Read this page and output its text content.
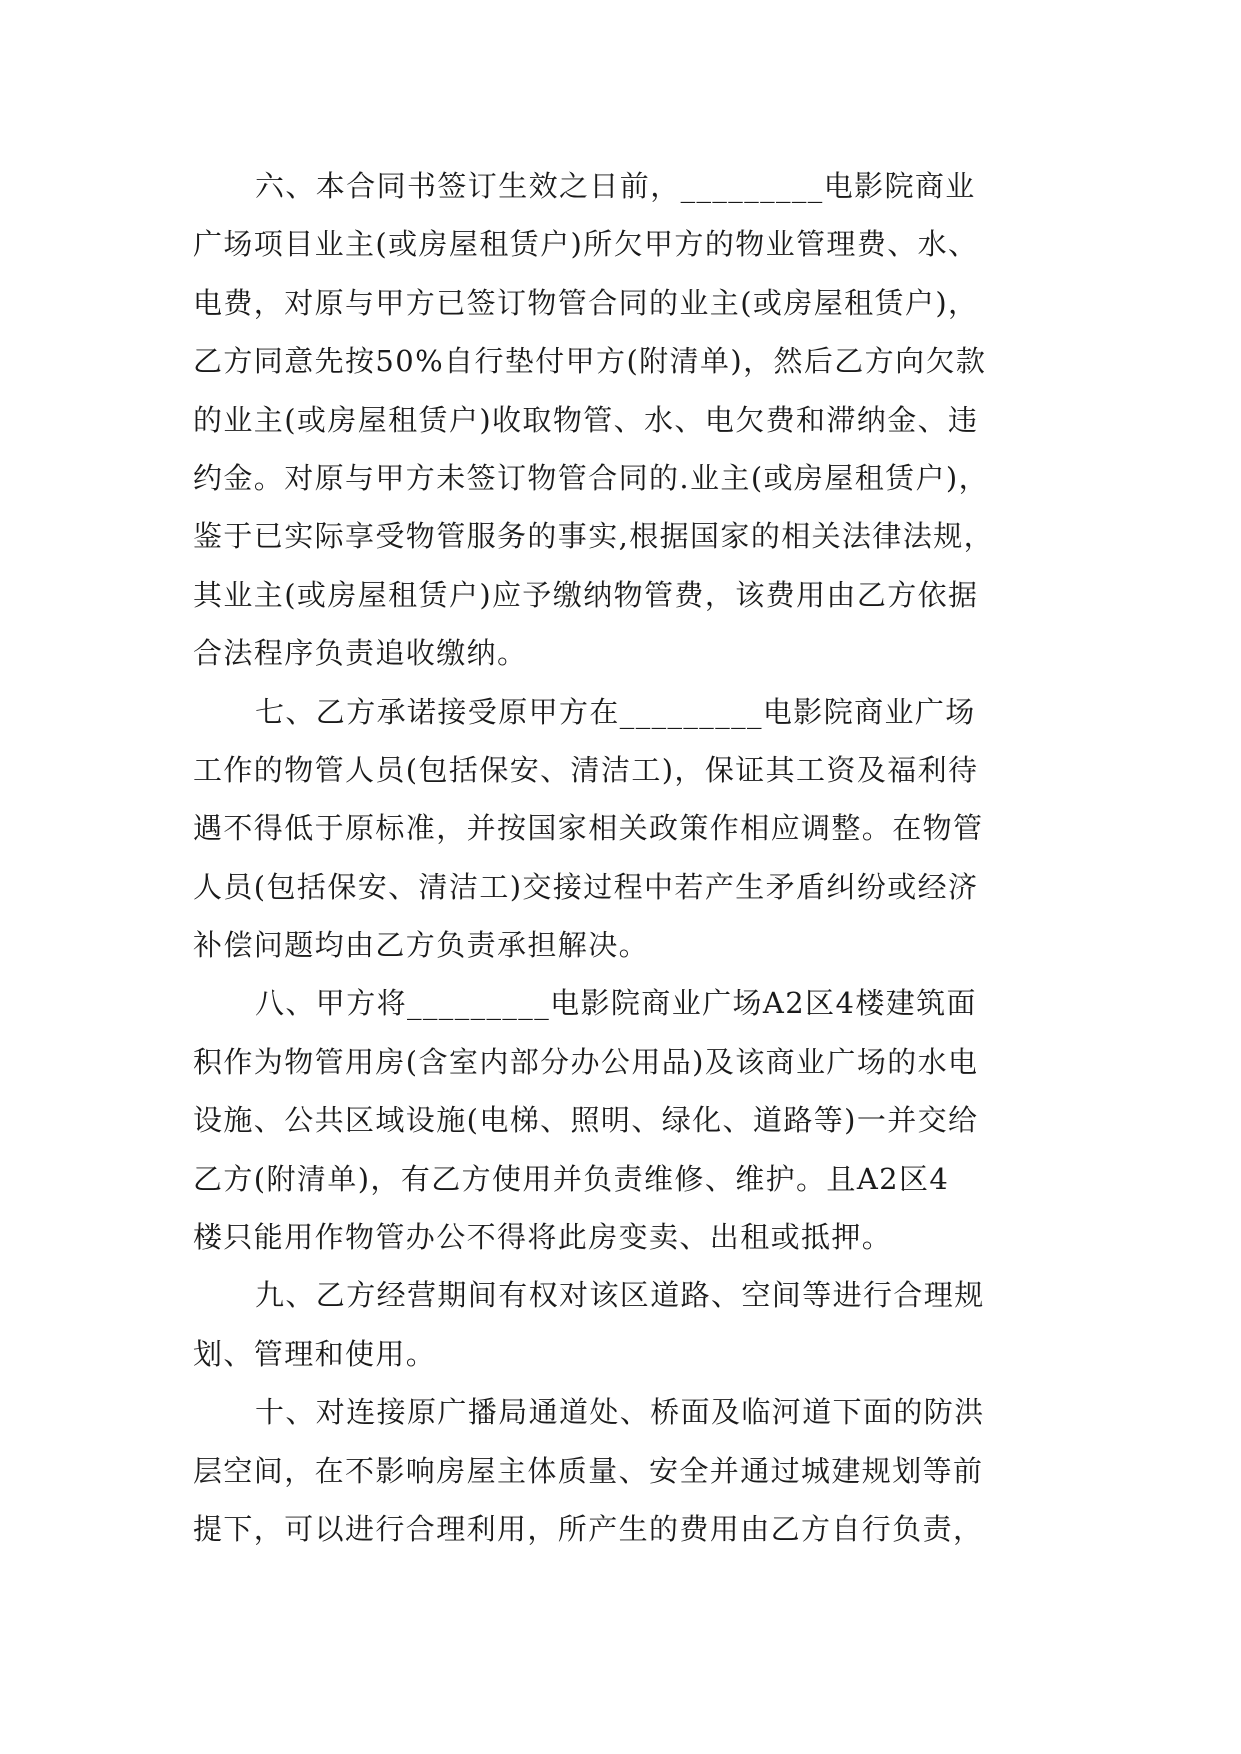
六、本合同书签订生效之日前，_________电影院商业
广场项目业主(或房屋租赁户)所欠甲方的物业管理费、水、
电费，对原与甲方已签订物管合同的业主(或房屋租赁户)，
乙方同意先按50%自行垫付甲方(附清单)，然后乙方向欠款
的业主(或房屋租赁户)收取物管、水、电欠费和滞纳金、违
约金。对原与甲方未签订物管合同的.业主(或房屋租赁户)，
鉴于已实际享受物管服务的事实,根据国家的相关法律法规，
其业主(或房屋租赁户)应予缴纳物管费，该费用由乙方依据
合法程序负责追收缴纳。
七、乙方承诺接受原甲方在_________电影院商业广场
工作的物管人员(包括保安、清洁工)，保证其工资及福利待
遇不得低于原标准，并按国家相关政策作相应调整。在物管
人员(包括保安、清洁工)交接过程中若产生矛盾纠纷或经济
补偿问题均由乙方负责承担解决。
八、甲方将_________电影院商业广场A2区4楼建筑面
积作为物管用房(含室内部分办公用品)及该商业广场的水电
设施、公共区域设施(电梯、照明、绿化、道路等)一并交给
乙方(附清单)，有乙方使用并负责维修、维护。且A2区4
楼只能用作物管办公不得将此房变卖、出租或抵押。
九、乙方经营期间有权对该区道路、空间等进行合理规
划、管理和使用。
十、对连接原广播局通道处、桥面及临河道下面的防洪
层空间，在不影响房屋主体质量、安全并通过城建规划等前
提下，可以进行合理利用，所产生的费用由乙方自行负责，
